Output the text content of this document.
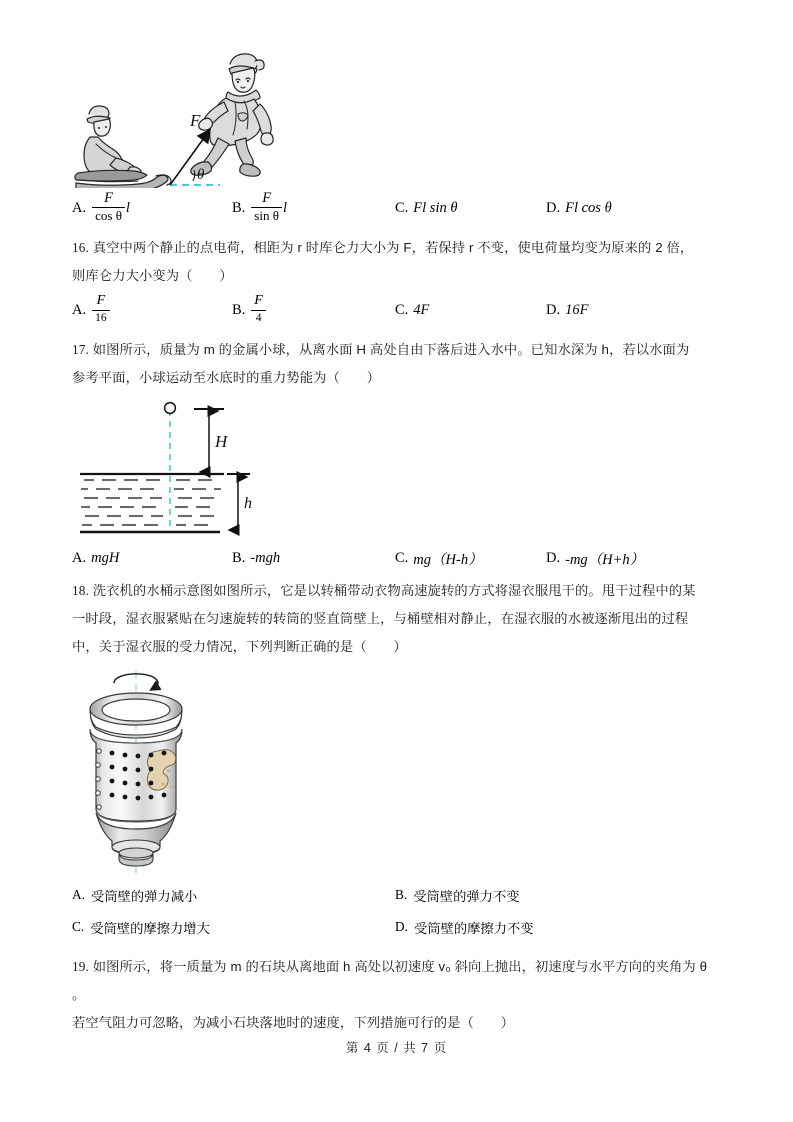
F
θ
A. $\frac{F}{\text{cos θ}}$ l	B. $\frac{F}{\text{sin θ}}$ l	C. Fl sin θ	D. Fl cos θ
16. 真空中两个静止的点电荷，相距为 r 时库仑力大小为 F，若保持 r 不变，使电荷量均变为原来的 2 倍，
则库仑力大小变为（　　）
A. $\frac{F}{16}$	B. $\frac{F}{4}$	C. 4F	D. 16F
17. 如图所示，质量为 m 的金属小球，从离水面 H 高处自由下落后进入水中。已知水深为 h，若以水面为
参考平面，小球运动至水底时的重力势能为（　　）
H
h
A. mgH	B. -mgh	C. mg（H-h）	D. -mg（H+h）
18. 洗衣机的水桶示意图如图所示，它是以转桶带动衣物高速旋转的方式将湿衣服甩干的。甩干过程中的某
一时段，湿衣服紧贴在匀速旋转的转筒的竖直筒壁上，与桶壁相对静止，在湿衣服的水被逐渐甩出的过程
中，关于湿衣服的受力情况，下列判断正确的是（　　）
A. 受筒壁的弹力减小	B. 受筒壁的弹力不变
C. 受筒壁的摩擦力增大	D. 受筒壁的摩擦力不变
19. 如图所示，将一质量为 m 的石块从离地面 h 高处以初速度 v₀ 斜向上抛出，初速度与水平方向的夹角为 θ 。
若空气阻力可忽略，为减小石块落地时的速度，下列措施可行的是（　　）
第 4 页 / 共 7 页
